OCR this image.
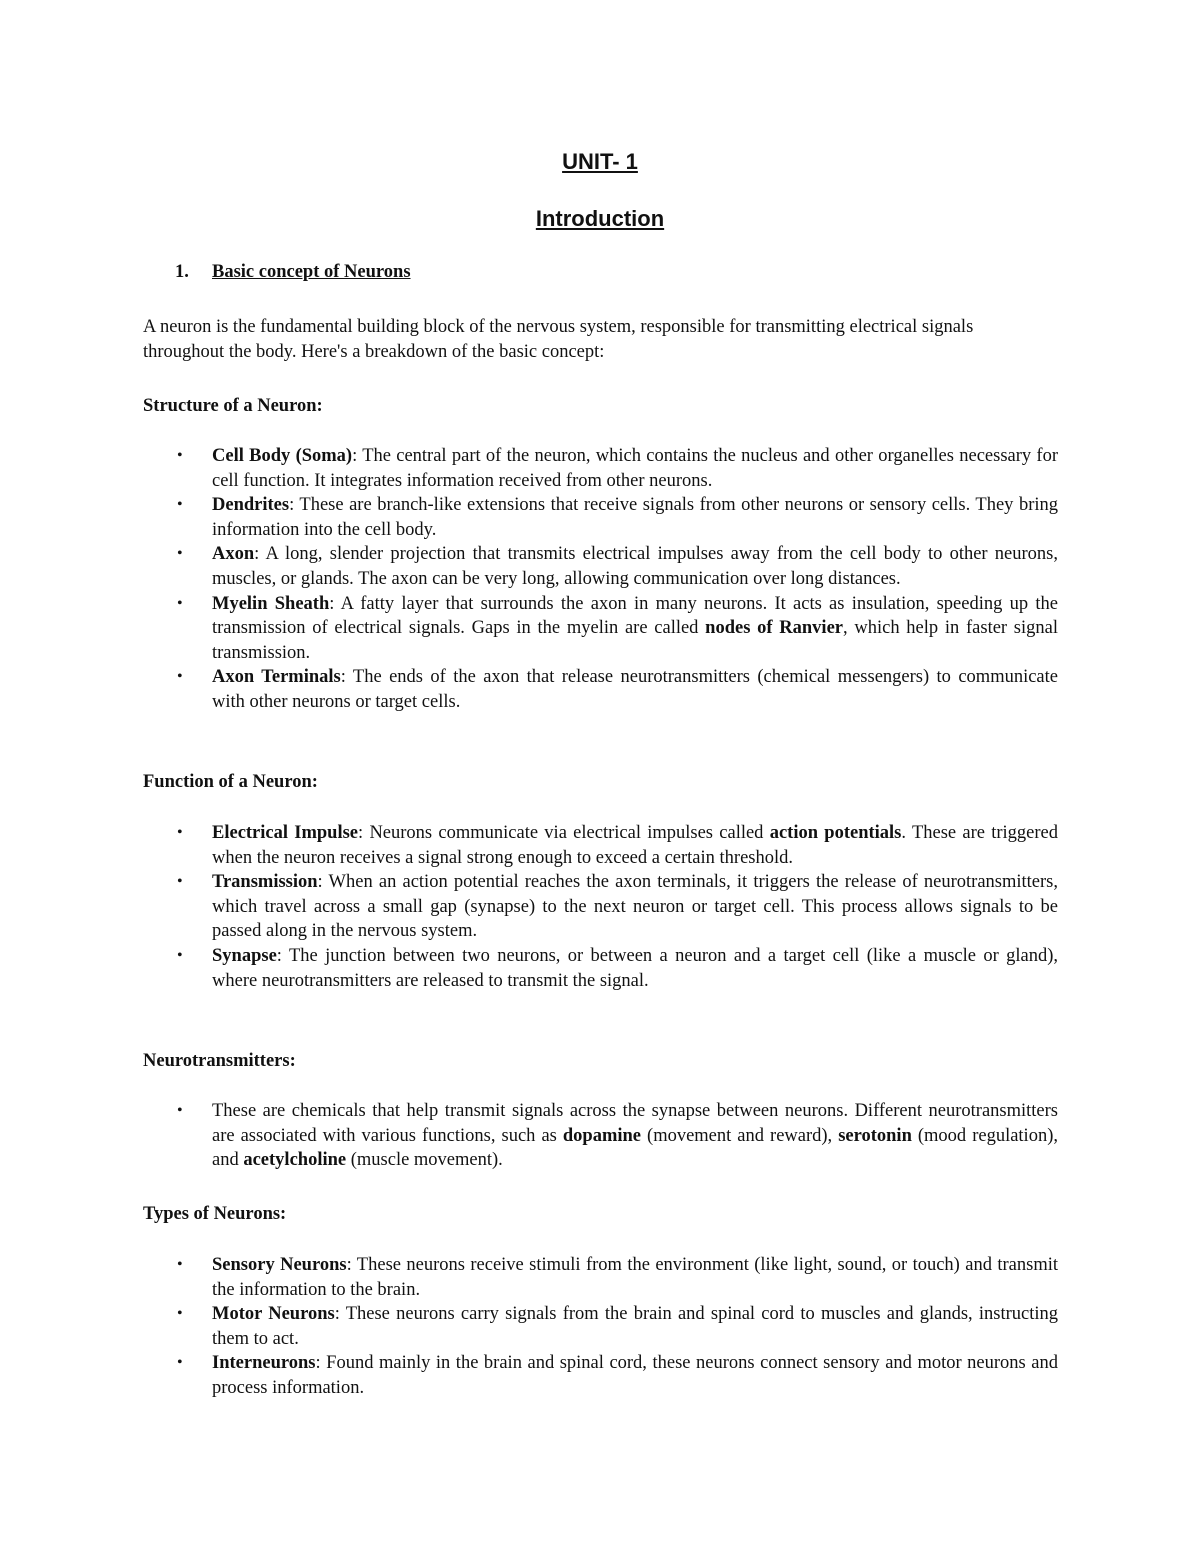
UNIT- 1
Introduction
1. Basic concept of Neurons
A neuron is the fundamental building block of the nervous system, responsible for transmitting electrical signals throughout the body. Here's a breakdown of the basic concept:
Structure of a Neuron:
• Cell Body (Soma): The central part of the neuron, which contains the nucleus and other organelles necessary for cell function. It integrates information received from other neurons.
• Dendrites: These are branch-like extensions that receive signals from other neurons or sensory cells. They bring information into the cell body.
• Axon: A long, slender projection that transmits electrical impulses away from the cell body to other neurons, muscles, or glands. The axon can be very long, allowing communication over long distances.
• Myelin Sheath: A fatty layer that surrounds the axon in many neurons. It acts as insulation, speeding up the transmission of electrical signals. Gaps in the myelin are called nodes of Ranvier, which help in faster signal transmission.
• Axon Terminals: The ends of the axon that release neurotransmitters (chemical messengers) to communicate with other neurons or target cells.
Function of a Neuron:
• Electrical Impulse: Neurons communicate via electrical impulses called action potentials. These are triggered when the neuron receives a signal strong enough to exceed a certain threshold.
• Transmission: When an action potential reaches the axon terminals, it triggers the release of neurotransmitters, which travel across a small gap (synapse) to the next neuron or target cell. This process allows signals to be passed along in the nervous system.
• Synapse: The junction between two neurons, or between a neuron and a target cell (like a muscle or gland), where neurotransmitters are released to transmit the signal.
Neurotransmitters:
• These are chemicals that help transmit signals across the synapse between neurons. Different neurotransmitters are associated with various functions, such as dopamine (movement and reward), serotonin (mood regulation), and acetylcholine (muscle movement).
Types of Neurons:
• Sensory Neurons: These neurons receive stimuli from the environment (like light, sound, or touch) and transmit the information to the brain.
• Motor Neurons: These neurons carry signals from the brain and spinal cord to muscles and glands, instructing them to act.
• Interneurons: Found mainly in the brain and spinal cord, these neurons connect sensory and motor neurons and process information.
